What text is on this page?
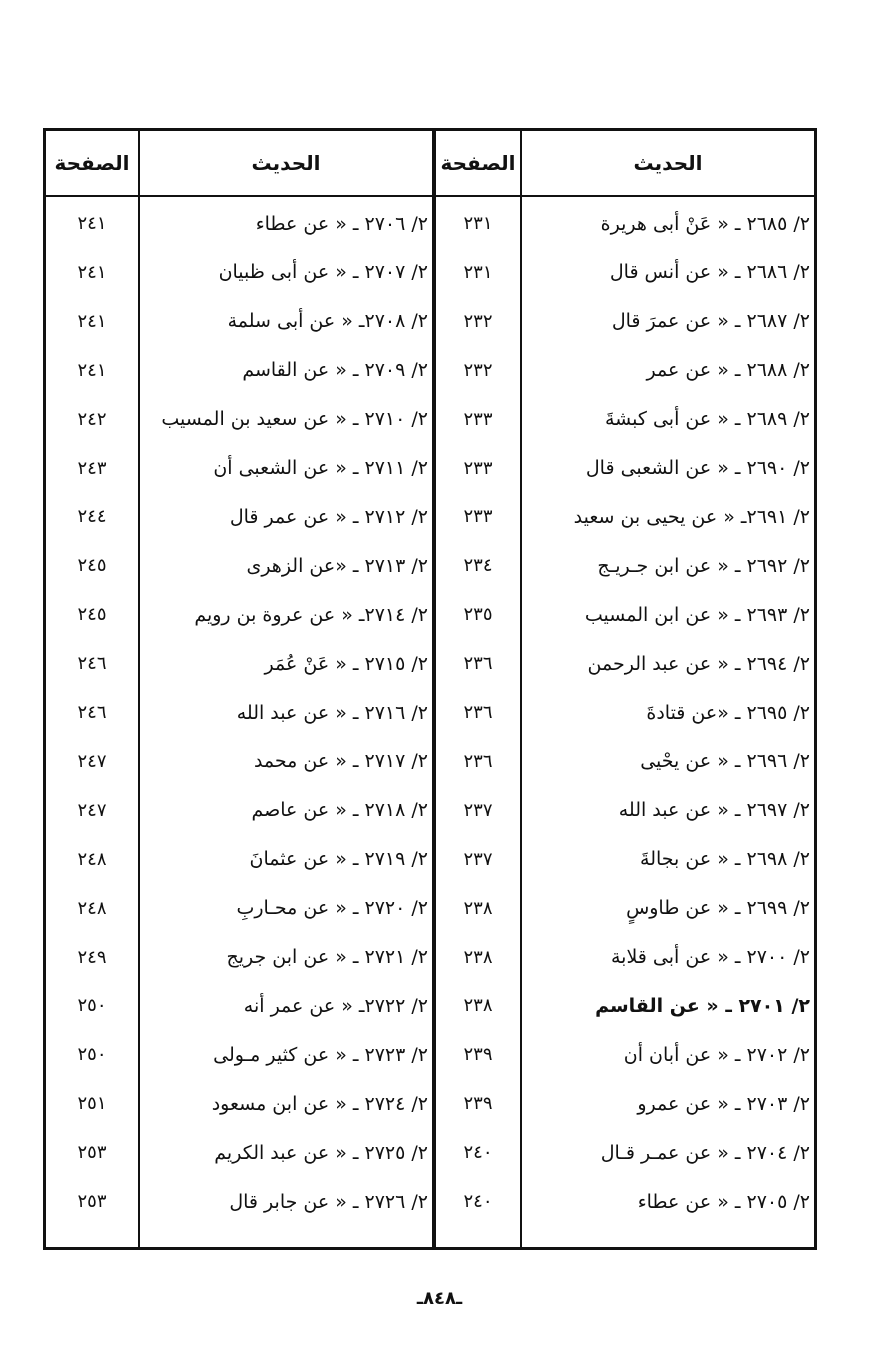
الحديث
الصفحة
الحديث
الصفحة
٢/ ٢٦٨٥ ـ « عَنْ أبى هريرة
٢٣١
٢/ ٢٦٨٦ ـ « عن أنس قال
٢٣١
٢/ ٢٦٨٧ ـ « عن عمرَ قال
٢٣٢
٢/ ٢٦٨٨ ـ « عن عمر
٢٣٢
٢/ ٢٦٨٩ ـ « عن أبى كبشةَ
٢٣٣
٢/ ٢٦٩٠ ـ « عن الشعبى قال
٢٣٣
٢/ ٢٦٩١ـ « عن يحيى بن سعيد
٢٣٣
٢/ ٢٦٩٢ ـ « عن ابن جـريـج
٢٣٤
٢/ ٢٦٩٣ ـ « عن ابن المسيب
٢٣٥
٢/ ٢٦٩٤ ـ « عن عبد الرحمن
٢٣٦
٢/ ٢٦٩٥ ـ «عن قتادةَ
٢٣٦
٢/ ٢٦٩٦ ـ « عن يحْيى
٢٣٦
٢/ ٢٦٩٧ ـ « عن عبد الله
٢٣٧
٢/ ٢٦٩٨ ـ « عن بجالةَ
٢٣٧
٢/ ٢٦٩٩ ـ « عن طاوسٍ
٢٣٨
٢/ ٢٧٠٠ ـ « عن أبى قلابة
٢٣٨
٢/ ٢٧٠١ ـ « عن القاسم
٢٣٨
٢/ ٢٧٠٢ ـ « عن أبان أن
٢٣٩
٢/ ٢٧٠٣ ـ « عن عمرو
٢٣٩
٢/ ٢٧٠٤ ـ « عن عمـر قـال
٢٤٠
٢/ ٢٧٠٥ ـ « عن عطاء
٢٤٠
٢/ ٢٧٠٦ ـ « عن عطاء
٢٤١
٢/ ٢٧٠٧ ـ « عن أبى ظبيان
٢٤١
٢/ ٢٧٠٨ـ « عن أبى سلمة
٢٤١
٢/ ٢٧٠٩ ـ « عن القاسم
٢٤١
٢/ ٢٧١٠ ـ « عن سعيد بن المسيب
٢٤٢
٢/ ٢٧١١ ـ « عن الشعبى أن
٢٤٣
٢/ ٢٧١٢ ـ « عن عمر قال
٢٤٤
٢/ ٢٧١٣ ـ «عن الزهرى
٢٤٥
٢/ ٢٧١٤ـ « عن عروة بن رويم
٢٤٥
٢/ ٢٧١٥ ـ « عَنْ عُمَر
٢٤٦
٢/ ٢٧١٦ ـ « عن عبد الله
٢٤٦
٢/ ٢٧١٧ ـ « عن محمد
٢٤٧
٢/ ٢٧١٨ ـ « عن عاصم
٢٤٧
٢/ ٢٧١٩ ـ « عن عثمانَ
٢٤٨
٢/ ٢٧٢٠ ـ « عن محـاربِ
٢٤٨
٢/ ٢٧٢١ ـ « عن ابن جريج
٢٤٩
٢/ ٢٧٢٢ـ « عن عمر أنه
٢٥٠
٢/ ٢٧٢٣ ـ « عن كثير مـولى
٢٥٠
٢/ ٢٧٢٤ ـ « عن ابن مسعود
٢٥١
٢/ ٢٧٢٥ ـ « عن عبد الكريم
٢٥٣
٢/ ٢٧٢٦ ـ « عن جابر قال
٢٥٣
ـ٨٤٨ـ
